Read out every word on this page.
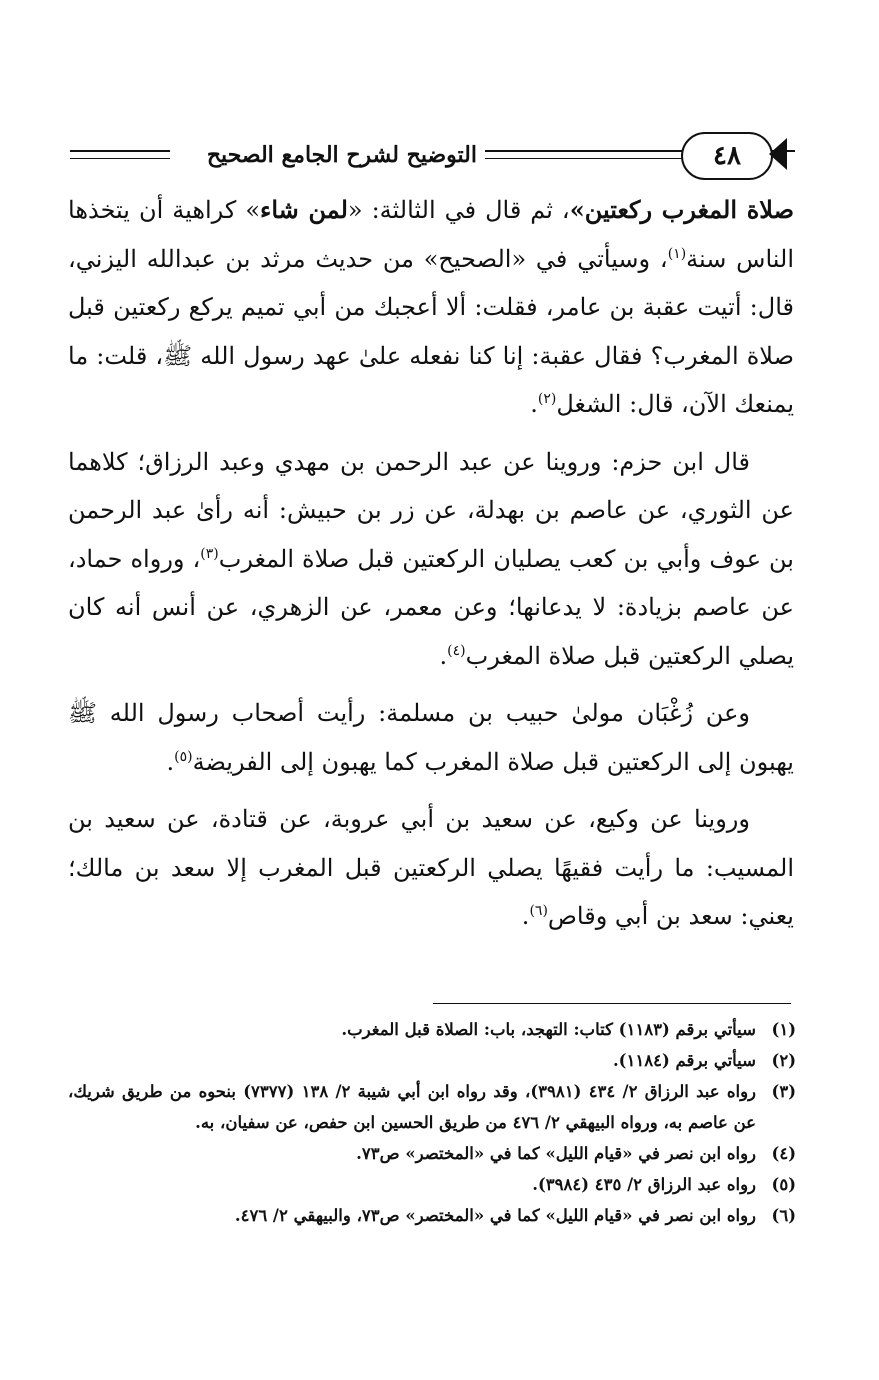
التوضيح لشرح الجامع الصحيح	٤٨

صلاة المغرب ركعتين»، ثم قال في الثالثة: «لمن شاء» كراهية أن يتخذها الناس سنة$^{(١)}$، وسيأتي في «الصحيح» من حديث مرثد بن عبدالله اليزني، قال: أتيت عقبة بن عامر، فقلت: ألا أعجبك من أبي تميم يركع ركعتين قبل صلاة المغرب؟ فقال عقبة: إنا كنا نفعله علىٰ عهد رسول الله ﷺ، قلت: ما يمنعك الآن، قال: الشغل$^{(٢)}$.

قال ابن حزم: وروينا عن عبد الرحمن بن مهدي وعبد الرزاق؛ كلاهما عن الثوري، عن عاصم بن بهدلة، عن زر بن حبيش: أنه رأىٰ عبد الرحمن بن عوف وأبي بن كعب يصليان الركعتين قبل صلاة المغرب$^{(٣)}$، ورواه حماد، عن عاصم بزيادة: لا يدعانها؛ وعن معمر، عن الزهري، عن أنس أنه كان يصلي الركعتين قبل صلاة المغرب$^{(٤)}$.

وعن زُغْبَان مولىٰ حبيب بن مسلمة: رأيت أصحاب رسول الله ﷺ يهبون إلى الركعتين قبل صلاة المغرب كما يهبون إلى الفريضة$^{(٥)}$.

وروينا عن وكيع، عن سعيد بن أبي عروبة، عن قتادة، عن سعيد بن المسيب: ما رأيت فقيهًا يصلي الركعتين قبل المغرب إلا سعد بن مالك؛ يعني: سعد بن أبي وقاص$^{(٦)}$.

(١)
سيأتي برقم (١١٨٣) كتاب: التهجد، باب: الصلاة قبل المغرب.
(٢)
سيأتي برقم (١١٨٤).
(٣)
رواه عبد الرزاق ٢/ ٤٣٤ (٣٩٨١)، وقد رواه ابن أبي شيبة ٢/ ١٣٨ (٧٣٧٧) بنحوه من طريق شريك، عن عاصم به، ورواه البيهقي ٢/ ٤٧٦ من طريق الحسين ابن حفص، عن سفيان، به.
(٤)
رواه ابن نصر في «قيام الليل» كما في «المختصر» ص٧٣.
(٥)
رواه عبد الرزاق ٢/ ٤٣٥ (٣٩٨٤).
(٦)
رواه ابن نصر في «قيام الليل» كما في «المختصر» ص٧٣، والبيهقي ٢/ ٤٧٦.
